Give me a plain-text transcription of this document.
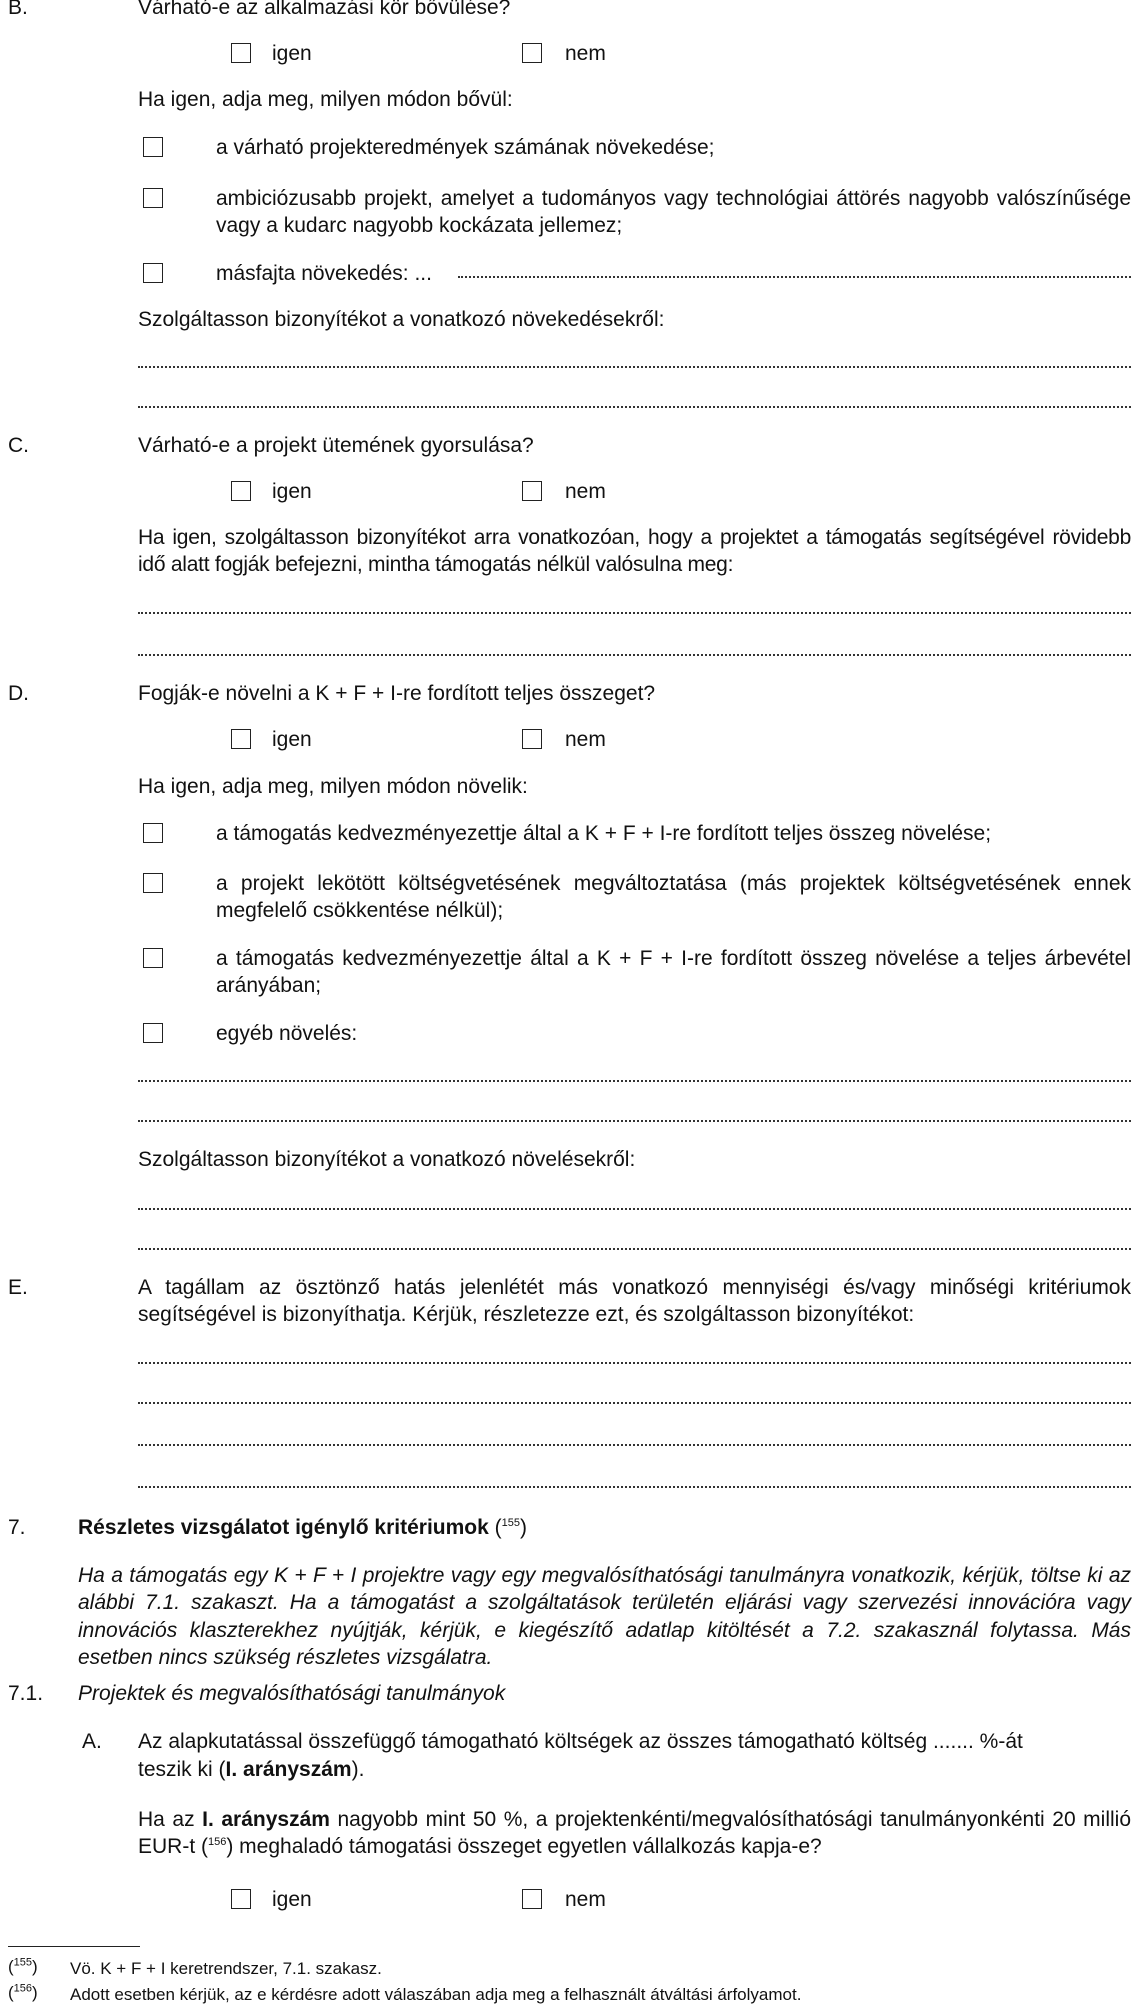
B.	Várható-e az alkalmazási kör bővülése?
igen	nem
Ha igen, adja meg, milyen módon bővül:
a várható projekteredmények számának növekedése;
ambiciózusabb projekt, amelyet a tudományos vagy technológiai áttörés nagyobb valószínűsége vagy a kudarc nagyobb kockázata jellemez;
másfajta növekedés: ...
Szolgáltasson bizonyítékot a vonatkozó növekedésekről:
C.	Várható-e a projekt ütemének gyorsulása?
igen	nem
Ha igen, szolgáltasson bizonyítékot arra vonatkozóan, hogy a projektet a támogatás segítségével rövidebb idő alatt fogják befejezni, mintha támogatás nélkül valósulna meg:
D.	Fogják-e növelni a K + F + I-re fordított teljes összeget?
igen	nem
Ha igen, adja meg, milyen módon növelik:
a támogatás kedvezményezettje által a K + F + I-re fordított teljes összeg növelése;
a projekt lekötött költségvetésének megváltoztatása (más projektek költségvetésének ennek megfelelő csökkentése nélkül);
a támogatás kedvezményezettje által a K + F + I-re fordított összeg növelése a teljes árbevétel arányában;
egyéb növelés:
Szolgáltasson bizonyítékot a vonatkozó növelésekről:
E.	A tagállam az ösztönző hatás jelenlétét más vonatkozó mennyiségi és/vagy minőségi kritériumok segítségével is bizonyíthatja. Kérjük, részletezze ezt, és szolgáltasson bizonyítékot:
7. Részletes vizsgálatot igénylő kritériumok ($^{155}$)
Ha a támogatás egy K + F + I projektre vagy egy megvalósíthatósági tanulmányra vonatkozik, kérjük, töltse ki az alábbi 7.1. szakaszt. Ha a támogatást a szolgáltatások területén eljárási vagy szervezési innovációra vagy innovációs klaszterekhez nyújtják, kérjük, e kiegészítő adatlap kitöltését a 7.2. szakasznál folytassa. Más esetben nincs szükség részletes vizsgálatra.
7.1. Projektek és megvalósíthatósági tanulmányok
A. Az alapkutatással összefüggő támogatható költségek az összes támogatható költség ....... %-át
teszik ki (I. arányszám).
Ha az I. arányszám nagyobb mint 50 %, a projektenkénti/megvalósíthatósági tanulmányonkénti 20 millió EUR-t ($^{156}$) meghaladó támogatási összeget egyetlen vállalkozás kapja-e?
igen	nem
($^{155}$) Vö. K + F + I keretrendszer, 7.1. szakasz.
($^{156}$) Adott esetben kérjük, az e kérdésre adott válaszában adja meg a felhasznált átváltási árfolyamot.
